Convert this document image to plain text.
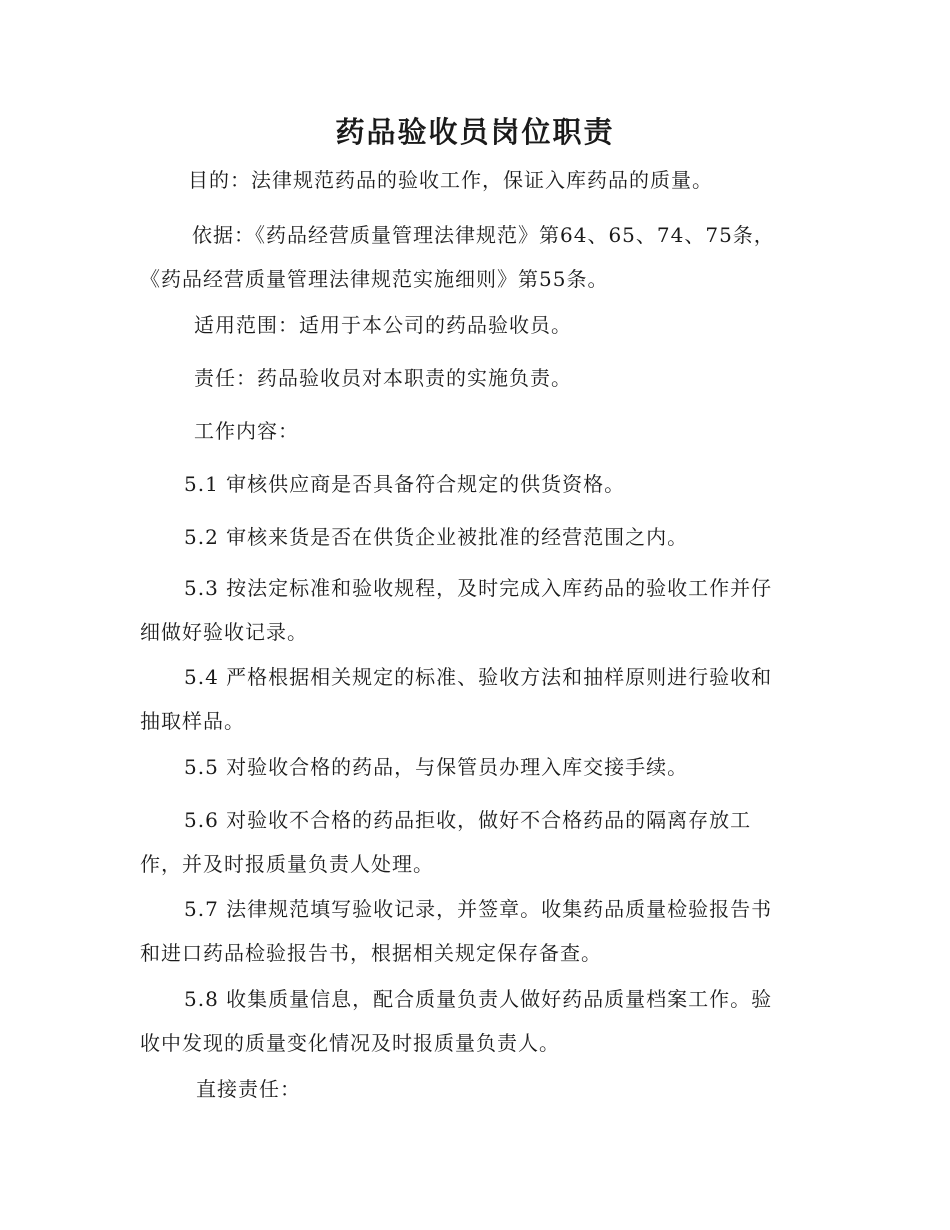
药品验收员岗位职责
目的：法律规范药品的验收工作，保证入库药品的质量。
依据：《药品经营质量管理法律规范》第64、65、74、75条，
《药品经营质量管理法律规范实施细则》第55条。
适用范围：适用于本公司的药品验收员。
责任：药品验收员对本职责的实施负责。
工作内容：
5.1 审核供应商是否具备符合规定的供货资格。
5.2 审核来货是否在供货企业被批准的经营范围之内。
5.3 按法定标准和验收规程，及时完成入库药品的验收工作并仔
细做好验收记录。
5.4 严格根据相关规定的标准、验收方法和抽样原则进行验收和
抽取样品。
5.5 对验收合格的药品，与保管员办理入库交接手续。
5.6 对验收不合格的药品拒收，做好不合格药品的隔离存放工
作，并及时报质量负责人处理。
5.7 法律规范填写验收记录，并签章。收集药品质量检验报告书
和进口药品检验报告书，根据相关规定保存备查。
5.8 收集质量信息，配合质量负责人做好药品质量档案工作。验
收中发现的质量变化情况及时报质量负责人。
直接责任：
